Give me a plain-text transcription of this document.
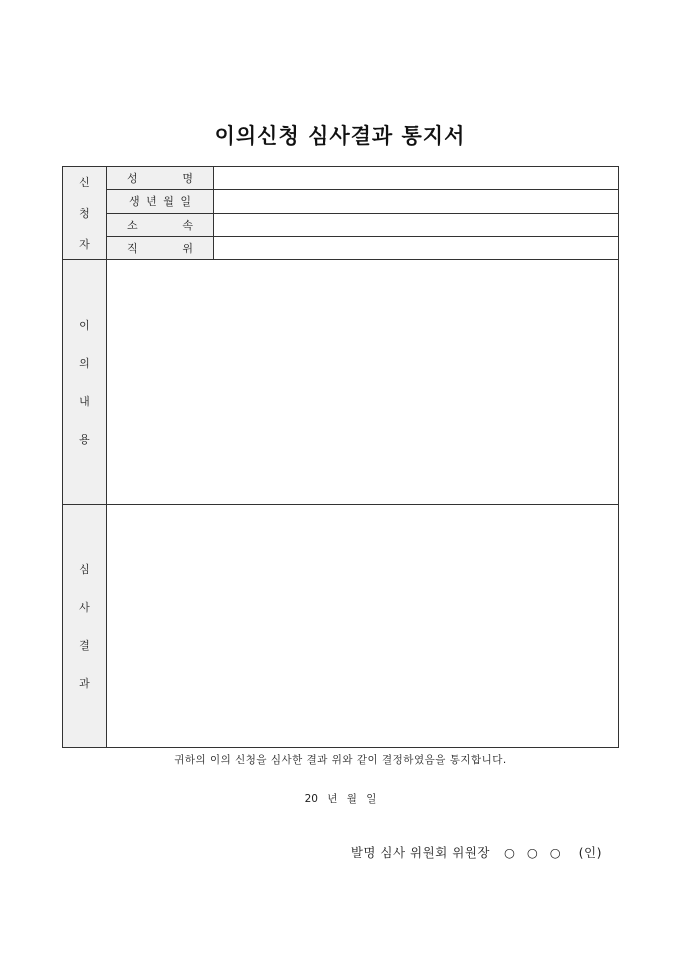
이의신청 심사결과 통지서
신
청
자	성 명	

	생 년 월 일	

	소 속	

	직 위	

이
의
내
용		

심
사
결
과		

귀하의 이의 신청을 심사한 결과 위와 같이 결정하였음을 통지합니다.
20 년 월 일
발명 심사 위원회 위원장 ○ ○ ○ (인)
